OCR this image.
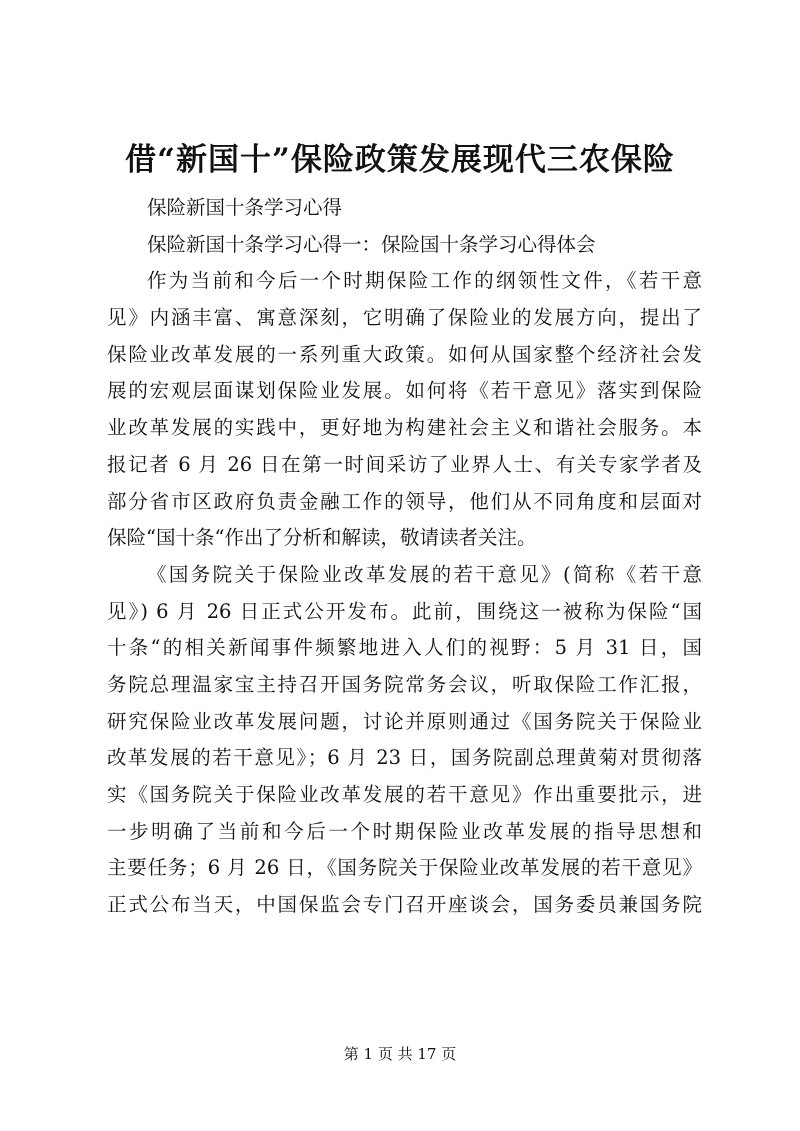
借“新国十”保险政策发展现代三农保险
保险新国十条学习心得
保险新国十条学习心得一：保险国十条学习心得体会
作为当前和今后一个时期保险工作的纲领性文件，《若干意
见》内涵丰富、寓意深刻，它明确了保险业的发展方向，提出了
保险业改革发展的一系列重大政策。如何从国家整个经济社会发
展的宏观层面谋划保险业发展。如何将《若干意见》落实到保险
业改革发展的实践中，更好地为构建社会主义和谐社会服务。本
报记者 6 月 26 日在第一时间采访了业界人士、有关专家学者及
部分省市区政府负责金融工作的领导，他们从不同角度和层面对
保险“国十条“作出了分析和解读，敬请读者关注。
《国务院关于保险业改革发展的若干意见》(简称《若干意
见》) 6 月 26 日正式公开发布。此前，围绕这一被称为保险“国
十条“的相关新闻事件频繁地进入人们的视野：5 月 31 日，国
务院总理温家宝主持召开国务院常务会议，听取保险工作汇报，
研究保险业改革发展问题，讨论并原则通过《国务院关于保险业
改革发展的若干意见》；6 月 23 日，国务院副总理黄菊对贯彻落
实《国务院关于保险业改革发展的若干意见》作出重要批示，进
一步明确了当前和今后一个时期保险业改革发展的指导思想和
主要任务；6 月 26 日，《国务院关于保险业改革发展的若干意见》
正式公布当天，中国保监会专门召开座谈会，国务委员兼国务院
第 1 页 共 17 页
